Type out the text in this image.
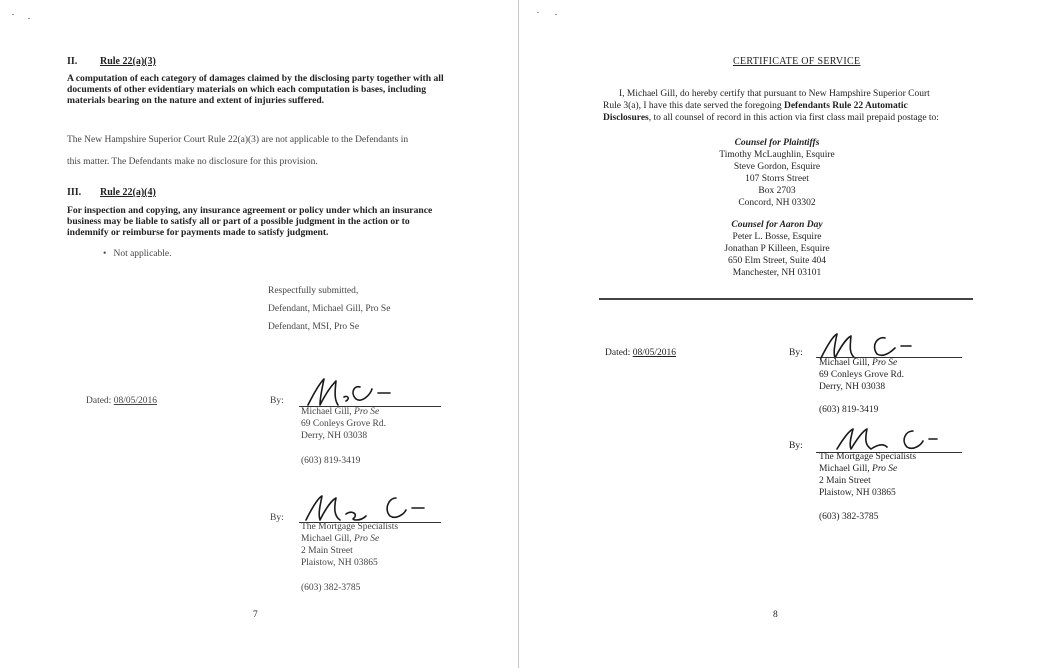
II. Rule 22(a)(3)
A computation of each category of damages claimed by the disclosing party together with all documents of other evidentiary materials on which each computation is bases, including materials bearing on the nature and extent of injuries suffered.
The New Hampshire Superior Court Rule 22(a)(3) are not applicable to the Defendants in
this matter. The Defendants make no disclosure for this provision.
III. Rule 22(a)(4)
For inspection and copying, any insurance agreement or policy under which an insurance business may be liable to satisfy all or part of a possible judgment in the action or to indemnify or reimburse for payments made to satisfy judgment.
• Not applicable.
Respectfully submitted,
Defendant, Michael Gill, Pro Se
Defendant, MSI, Pro Se
Dated: 08/05/2016	By:
Michael Gill, Pro Se
69 Conleys Grove Rd.
Derry, NH 03038
(603) 819-3419
By:
The Mortgage Specialists
Michael Gill, Pro Se
2 Main Street
Plaistow, NH 03865
(603) 382-3785
7
CERTIFICATE OF SERVICE
I, Michael Gill, do hereby certify that pursuant to New Hampshire Superior Court
Rule 3(a), I have this date served the foregoing Defendants Rule 22 Automatic
Disclosures, to all counsel of record in this action via first class mail prepaid postage to:
Counsel for Plaintiffs
Timothy McLaughlin, Esquire
Steve Gordon, Esquire
107 Storrs Street
Box 2703
Concord, NH 03302
Counsel for Aaron Day
Peter L. Bosse, Esquire
Jonathan P Killeen, Esquire
650 Elm Street, Suite 404
Manchester, NH 03101
Dated: 08/05/2016	By:
Michael Gill, Pro Se
69 Conleys Grove Rd.
Derry, NH 03038
(603) 819-3419
By:
The Mortgage Specialists
Michael Gill, Pro Se
2 Main Street
Plaistow, NH 03865
(603) 382-3785
8
